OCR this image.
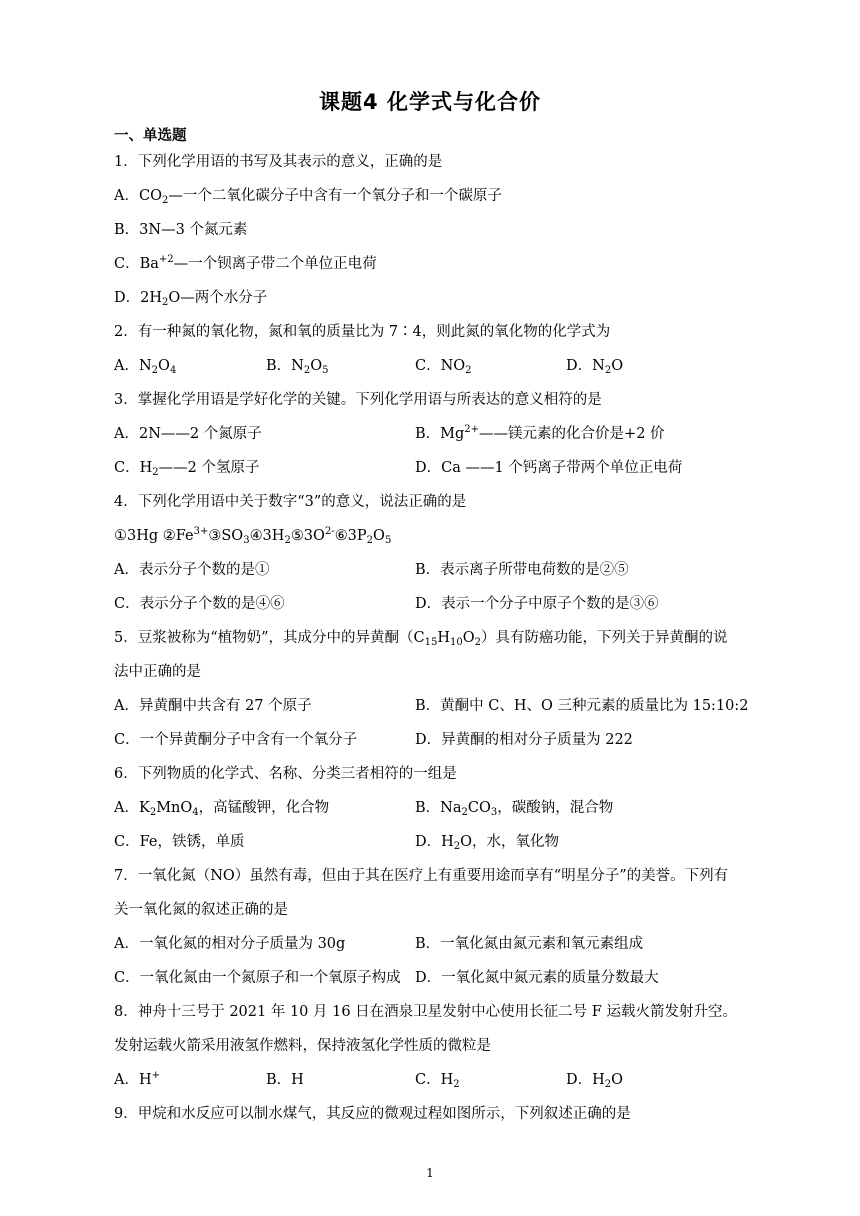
课题4 化学式与化合价
一、单选题
1．下列化学用语的书写及其表示的意义，正确的是
A．$CO_2—$一个二氧化碳分子中含有一个氧分子和一个碳原子
B．3N—3 个氮元素
C．$Ba^{+2}—$一个钡离子带二个单位正电荷
D．$2H_2O—$两个水分子
2．有一种氮的氧化物，氮和氧的质量比为 7∶4，则此氮的氧化物的化学式为
A．$N_2O_4$	B．$N_2O_5$	C．$NO_2$	D．$N_2O$
3．掌握化学用语是学好化学的关键。下列化学用语与所表达的意义相符的是
A．2N——2 个氮原子	B．$Mg^{2+}——$镁元素的化合价是+2 价
C．$H_2——2$ 个氢原子	D．Ca ——1 个钙离子带两个单位正电荷
4．下列化学用语中关于数字“3”的意义，说法正确的是
①3Hg $②Fe^{3+}③SO_3④3H_2⑤3O^{2-}⑥3P_2O_5$
A．表示分子个数的是①	B．表示离子所带电荷数的是②⑤
C．表示分子个数的是④⑥	D．表示一个分子中原子个数的是③⑥
5．豆浆被称为“植物奶”，其成分中的异黄酮$(C_{15}H_{10}O_2)$具有防癌功能，下列关于异黄酮的说
法中正确的是
A．异黄酮中共含有 27 个原子	B．黄酮中 C、H、O 三种元素的质量比为 15:10:2
C．一个异黄酮分子中含有一个氧分子	D．异黄酮的相对分子质量为 222
6．下列物质的化学式、名称、分类三者相符的一组是
A．$K_2MnO_4$，高锰酸钾，化合物	B．$Na_2CO_3$，碳酸钠，混合物
C．Fe，铁锈，单质	D．$H_2O$，水，氧化物
7．一氧化氮（NO）虽然有毒，但由于其在医疗上有重要用途而享有“明星分子”的美誉。下列有
关一氧化氮的叙述正确的是
A．一氧化氮的相对分子质量为 30g	B．一氧化氮由氮元素和氧元素组成
C．一氧化氮由一个氮原子和一个氧原子构成 D．一氧化氮中氮元素的质量分数最大
8．神舟十三号于 2021 年 10 月 16 日在酒泉卫星发射中心使用长征二号 F 运载火箭发射升空。
发射运载火箭采用液氢作燃料，保持液氢化学性质的微粒是
A．H+	B．H	C．$H_2$	D．$H_2O$
9．甲烷和水反应可以制水煤气，其反应的微观过程如图所示，下列叙述正确的是
1
